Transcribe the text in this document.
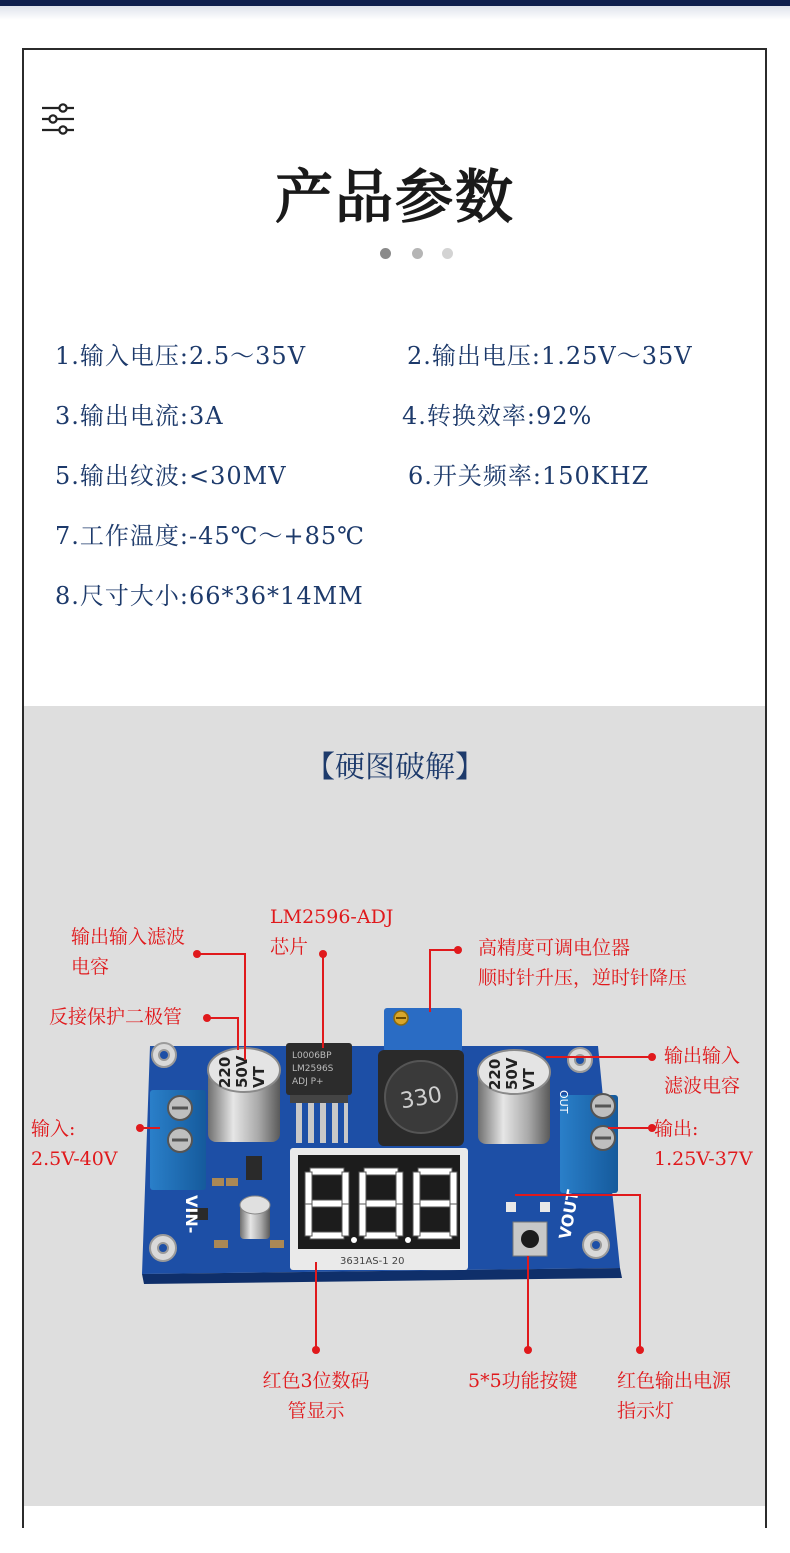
产品参数
1.输入电压:2.5～35V	2.输出电压:1.25V～35V
3.输出电流:3A	4.转换效率:92%
5.输出纹波:<30MV	6.开关频率:150KHZ
7.工作温度:-45℃～+85℃
8.尺寸大小:66*36*14MM
【硬图破解】
220 50V VT
L0006BP
LM2596S
ADJ P+
330
220 50V VT
OUT
VIN-
3631AS-1 20
VOUT
输出输入滤波
电容
反接保护二极管
LM2596-ADJ
芯片	高精度可调电位器
顺时针升压，逆时针降压
输出输入
滤波电容
输入:
2.5V-40V
输出:
1.25V-37V
红色3位数码
管显示
5*5功能按键 红色输出电源
指示灯
